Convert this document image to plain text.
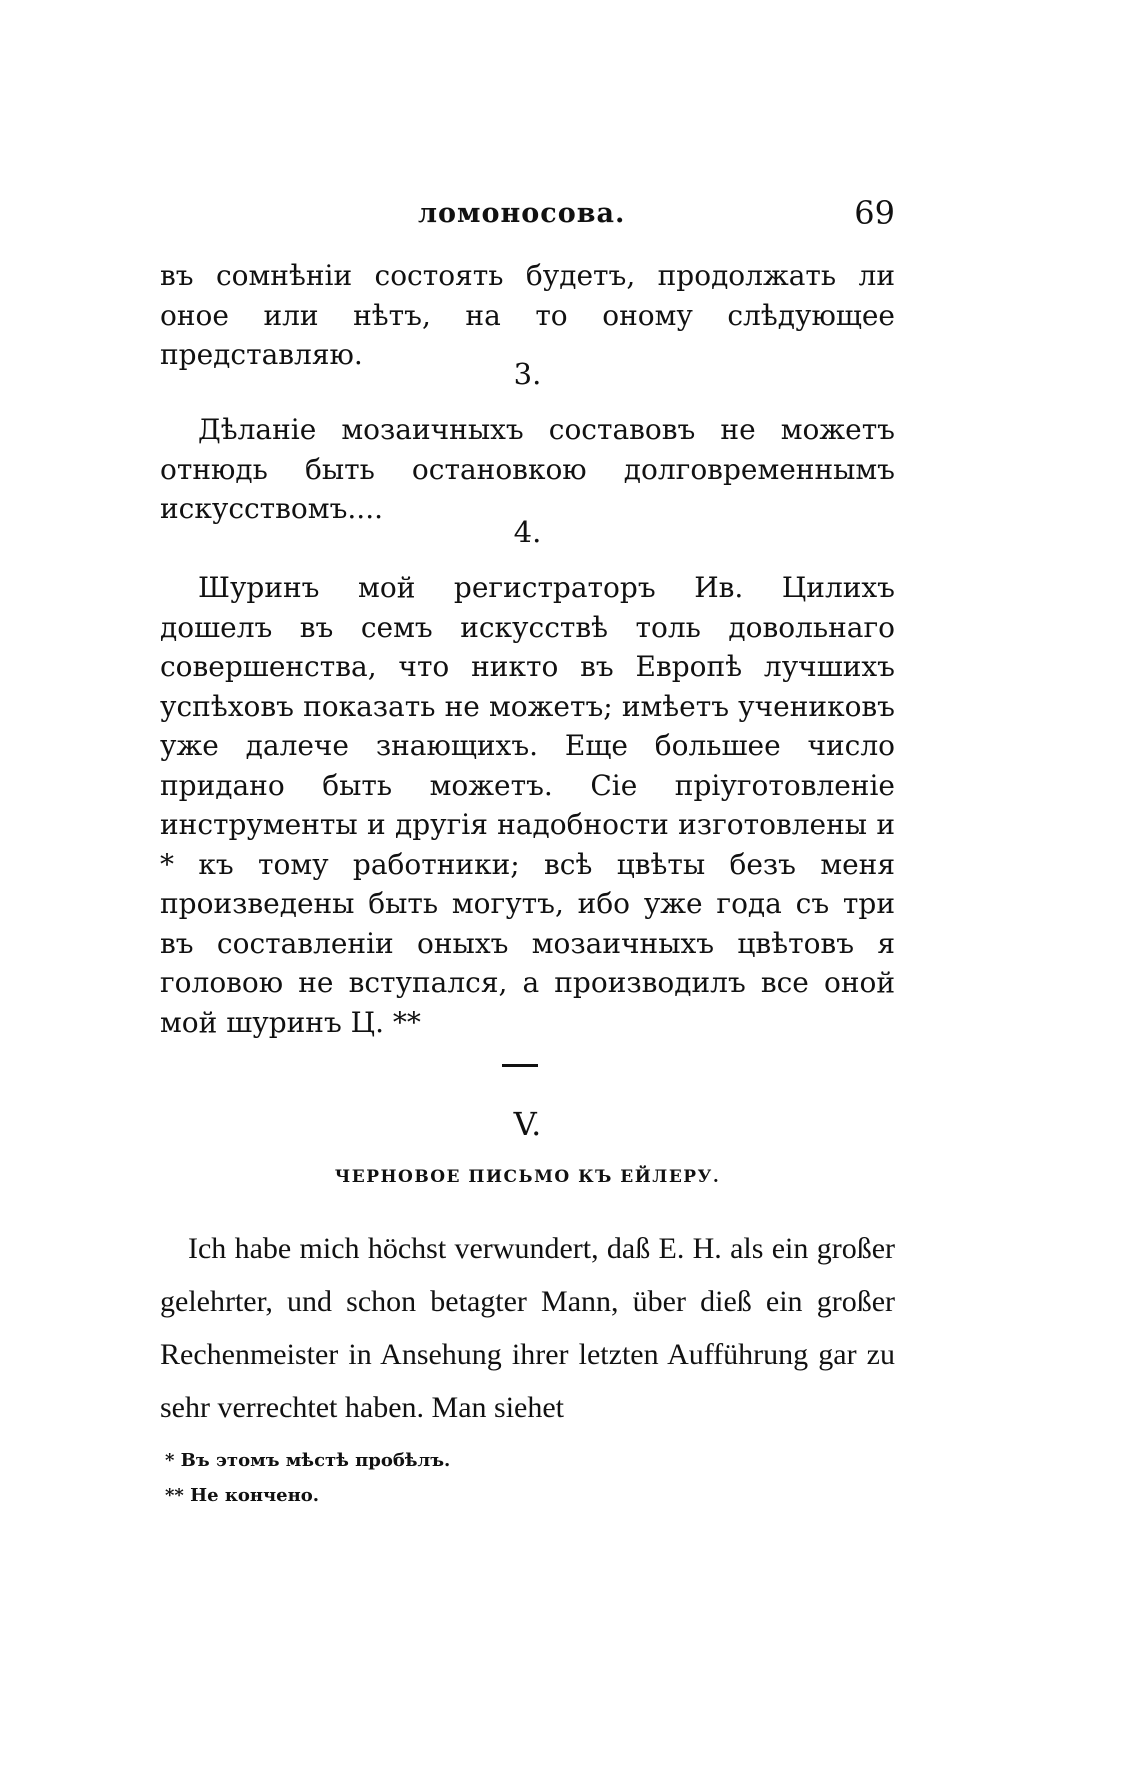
ломоносова.	69
въ сомнѣніи состоять будетъ, продолжать ли оное или нѣтъ, на то оному слѣдующее представляю.
3.
Дѣланіе мозаичныхъ составовъ не можетъ отнюдь быть остановкою долговременнымъ искусствомъ....
4.
Шуринъ мой регистраторъ Ив. Цилихъ дошелъ въ семъ искусствѣ толь довольнаго совершенства, что никто въ Европѣ лучшихъ успѣховъ показать не можетъ; имѣетъ учениковъ уже далече знающихъ. Еще большее число придано быть можетъ. Сіе пріуготовленіе инструменты и другія надобности изготовлены и * къ тому работники; всѣ цвѣты безъ меня произведены быть могутъ, ибо уже года съ три въ составленіи оныхъ мозаичныхъ цвѣтовъ я головою не вступался, а производилъ все оной мой шуринъ Ц. **
V.
ЧЕРНОВОЕ ПИСЬМО КЪ ЕЙЛЕРУ.
Ich habe mich höchst verwundert, daß E. H. als ein großer gelehrter, und schon betagter Mann, über dieß ein großer Rechenmeister in Ansehung ihrer letzten Aufführung gar zu sehr verrechtet haben. Man siehet
* Въ этомъ мѣстѣ пробѣлъ.
** Не кончено.
